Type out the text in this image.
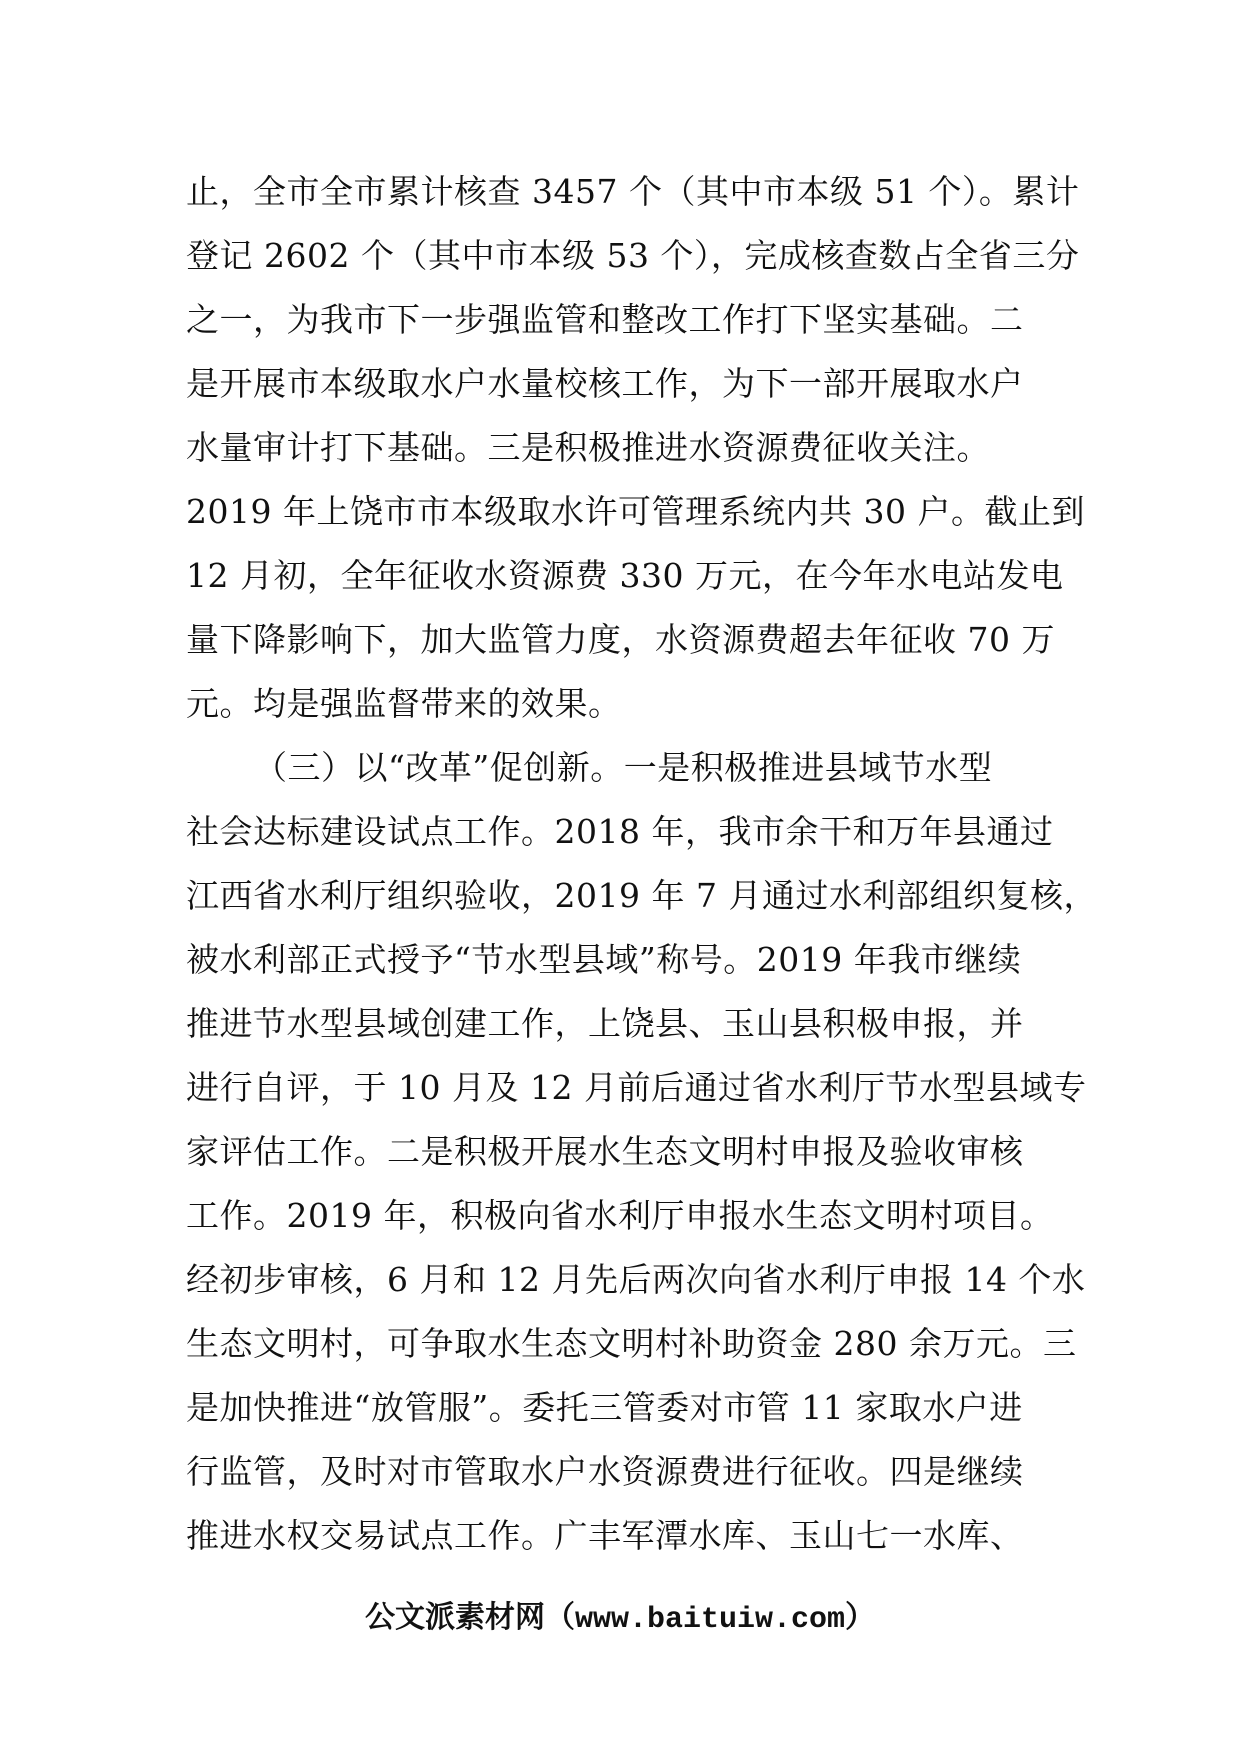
止，全市全市累计核查 3457 个（其中市本级 51 个）。累计
登记 2602 个（其中市本级 53 个），完成核查数占全省三分
之一，为我市下一步强监管和整改工作打下坚实基础。二
是开展市本级取水户水量校核工作，为下一部开展取水户
水量审计打下基础。三是积极推进水资源费征收关注。
2019 年上饶市市本级取水许可管理系统内共 30 户。截止到
12 月初，全年征收水资源费 330 万元，在今年水电站发电
量下降影响下，加大监管力度，水资源费超去年征收 70 万
元。均是强监督带来的效果。
（三）以“改革”促创新。一是积极推进县域节水型
社会达标建设试点工作。2018 年，我市余干和万年县通过
江西省水利厅组织验收，2019 年 7 月通过水利部组织复核，
被水利部正式授予“节水型县域”称号。2019 年我市继续
推进节水型县域创建工作，上饶县、玉山县积极申报，并
进行自评，于 10 月及 12 月前后通过省水利厅节水型县域专
家评估工作。二是积极开展水生态文明村申报及验收审核
工作。2019 年，积极向省水利厅申报水生态文明村项目。
经初步审核，6 月和 12 月先后两次向省水利厅申报 14 个水
生态文明村，可争取水生态文明村补助资金 280 余万元。三
是加快推进“放管服”。委托三管委对市管 11 家取水户进
行监管，及时对市管取水户水资源费进行征收。四是继续
推进水权交易试点工作。广丰军潭水库、玉山七一水库、
公文派素材网（www.baituiw.com）
